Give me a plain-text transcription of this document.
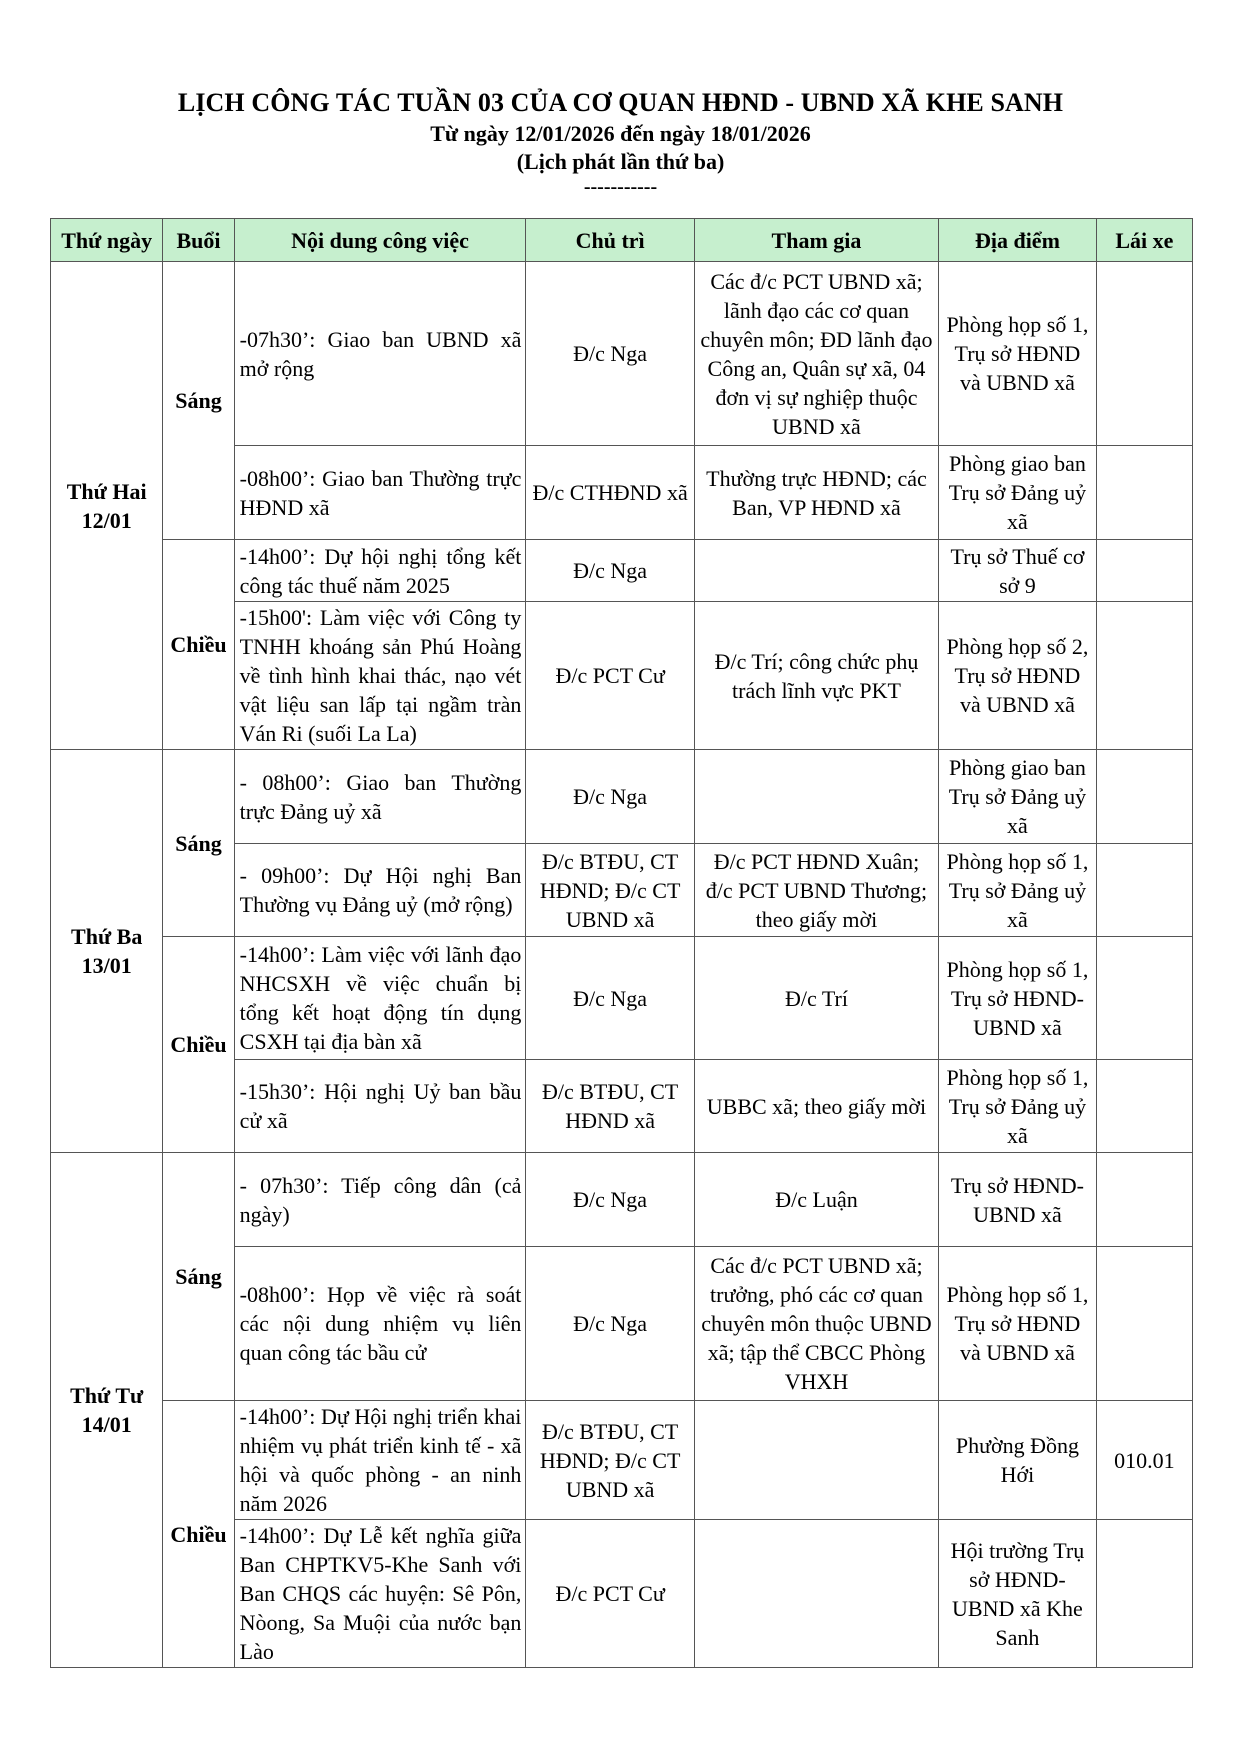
LỊCH CÔNG TÁC TUẦN 03 CỦA CƠ QUAN HĐND - UBND XÃ KHE SANH
Từ ngày 12/01/2026 đến ngày 18/01/2026
(Lịch phát lần thứ ba)
-----------
Thứ ngày	Buổi	Nội dung công việc	Chủ trì	Tham gia	Địa điểm	Lái xe

Thứ Hai
12/01	Sáng	-07h30’: Giao ban UBND xã mở rộng	Đ/c Nga	Các đ/c PCT UBND xã; lãnh đạo các cơ quan chuyên môn; ĐD lãnh đạo Công an, Quân sự xã, 04 đơn vị sự nghiệp thuộc UBND xã	Phòng họp số 1, Trụ sở HĐND và UBND xã	
		-08h00’: Giao ban Thường trực HĐND xã	Đ/c CTHĐND xã	Thường trực HĐND; các Ban, VP HĐND xã	Phòng giao ban Trụ sở Đảng uỷ xã	
	Chiều	-14h00’: Dự hội nghị tổng kết công tác thuế năm 2025	Đ/c Nga		Trụ sở Thuế cơ sở 9	
		-15h00': Làm việc với Công ty TNHH khoáng sản Phú Hoàng về tình hình khai thác, nạo vét vật liệu san lấp tại ngầm tràn Ván Ri (suối La La)	Đ/c PCT Cư	Đ/c Trí; công chức phụ trách lĩnh vực PKT	Phòng họp số 2, Trụ sở HĐND và UBND xã	

Thứ Ba
13/01	Sáng	- 08h00’: Giao ban Thường trực Đảng uỷ xã	Đ/c Nga		Phòng giao ban Trụ sở Đảng uỷ xã	
		- 09h00’: Dự Hội nghị Ban Thường vụ Đảng uỷ (mở rộng)	Đ/c BTĐU, CT HĐND; Đ/c CT UBND xã	Đ/c PCT HĐND Xuân; đ/c PCT UBND Thương; theo giấy mời	Phòng họp số 1, Trụ sở Đảng uỷ xã	
	Chiều	-14h00’: Làm việc với lãnh đạo NHCSXH về việc chuẩn bị tổng kết hoạt động tín dụng CSXH tại địa bàn xã	Đ/c Nga	Đ/c Trí	Phòng họp số 1, Trụ sở HĐND- UBND xã	
		-15h30’: Hội nghị Uỷ ban bầu cử xã	Đ/c BTĐU, CT HĐND xã	UBBC xã; theo giấy mời	Phòng họp số 1, Trụ sở Đảng uỷ xã	

Thứ Tư
14/01	Sáng	- 07h30’: Tiếp công dân (cả ngày)	Đ/c Nga	Đ/c Luận	Trụ sở HĐND- UBND xã	
		-08h00’: Họp về việc rà soát các nội dung nhiệm vụ liên quan công tác bầu cử	Đ/c Nga	Các đ/c PCT UBND xã; trưởng, phó các cơ quan chuyên môn thuộc UBND xã; tập thể CBCC Phòng VHXH	Phòng họp số 1, Trụ sở HĐND và UBND xã	
	Chiều	-14h00’: Dự Hội nghị triển khai nhiệm vụ phát triển kinh tế - xã hội và quốc phòng - an ninh năm 2026	Đ/c BTĐU, CT HĐND; Đ/c CT UBND xã		Phường Đồng Hới	010.01
		-14h00’: Dự Lễ kết nghĩa giữa Ban CHPTKV5-Khe Sanh với Ban CHQS các huyện: Sê Pôn, Nòong, Sa Muội của nước bạn Lào	Đ/c PCT Cư		Hội trường Trụ sở HĐND- UBND xã Khe Sanh	
